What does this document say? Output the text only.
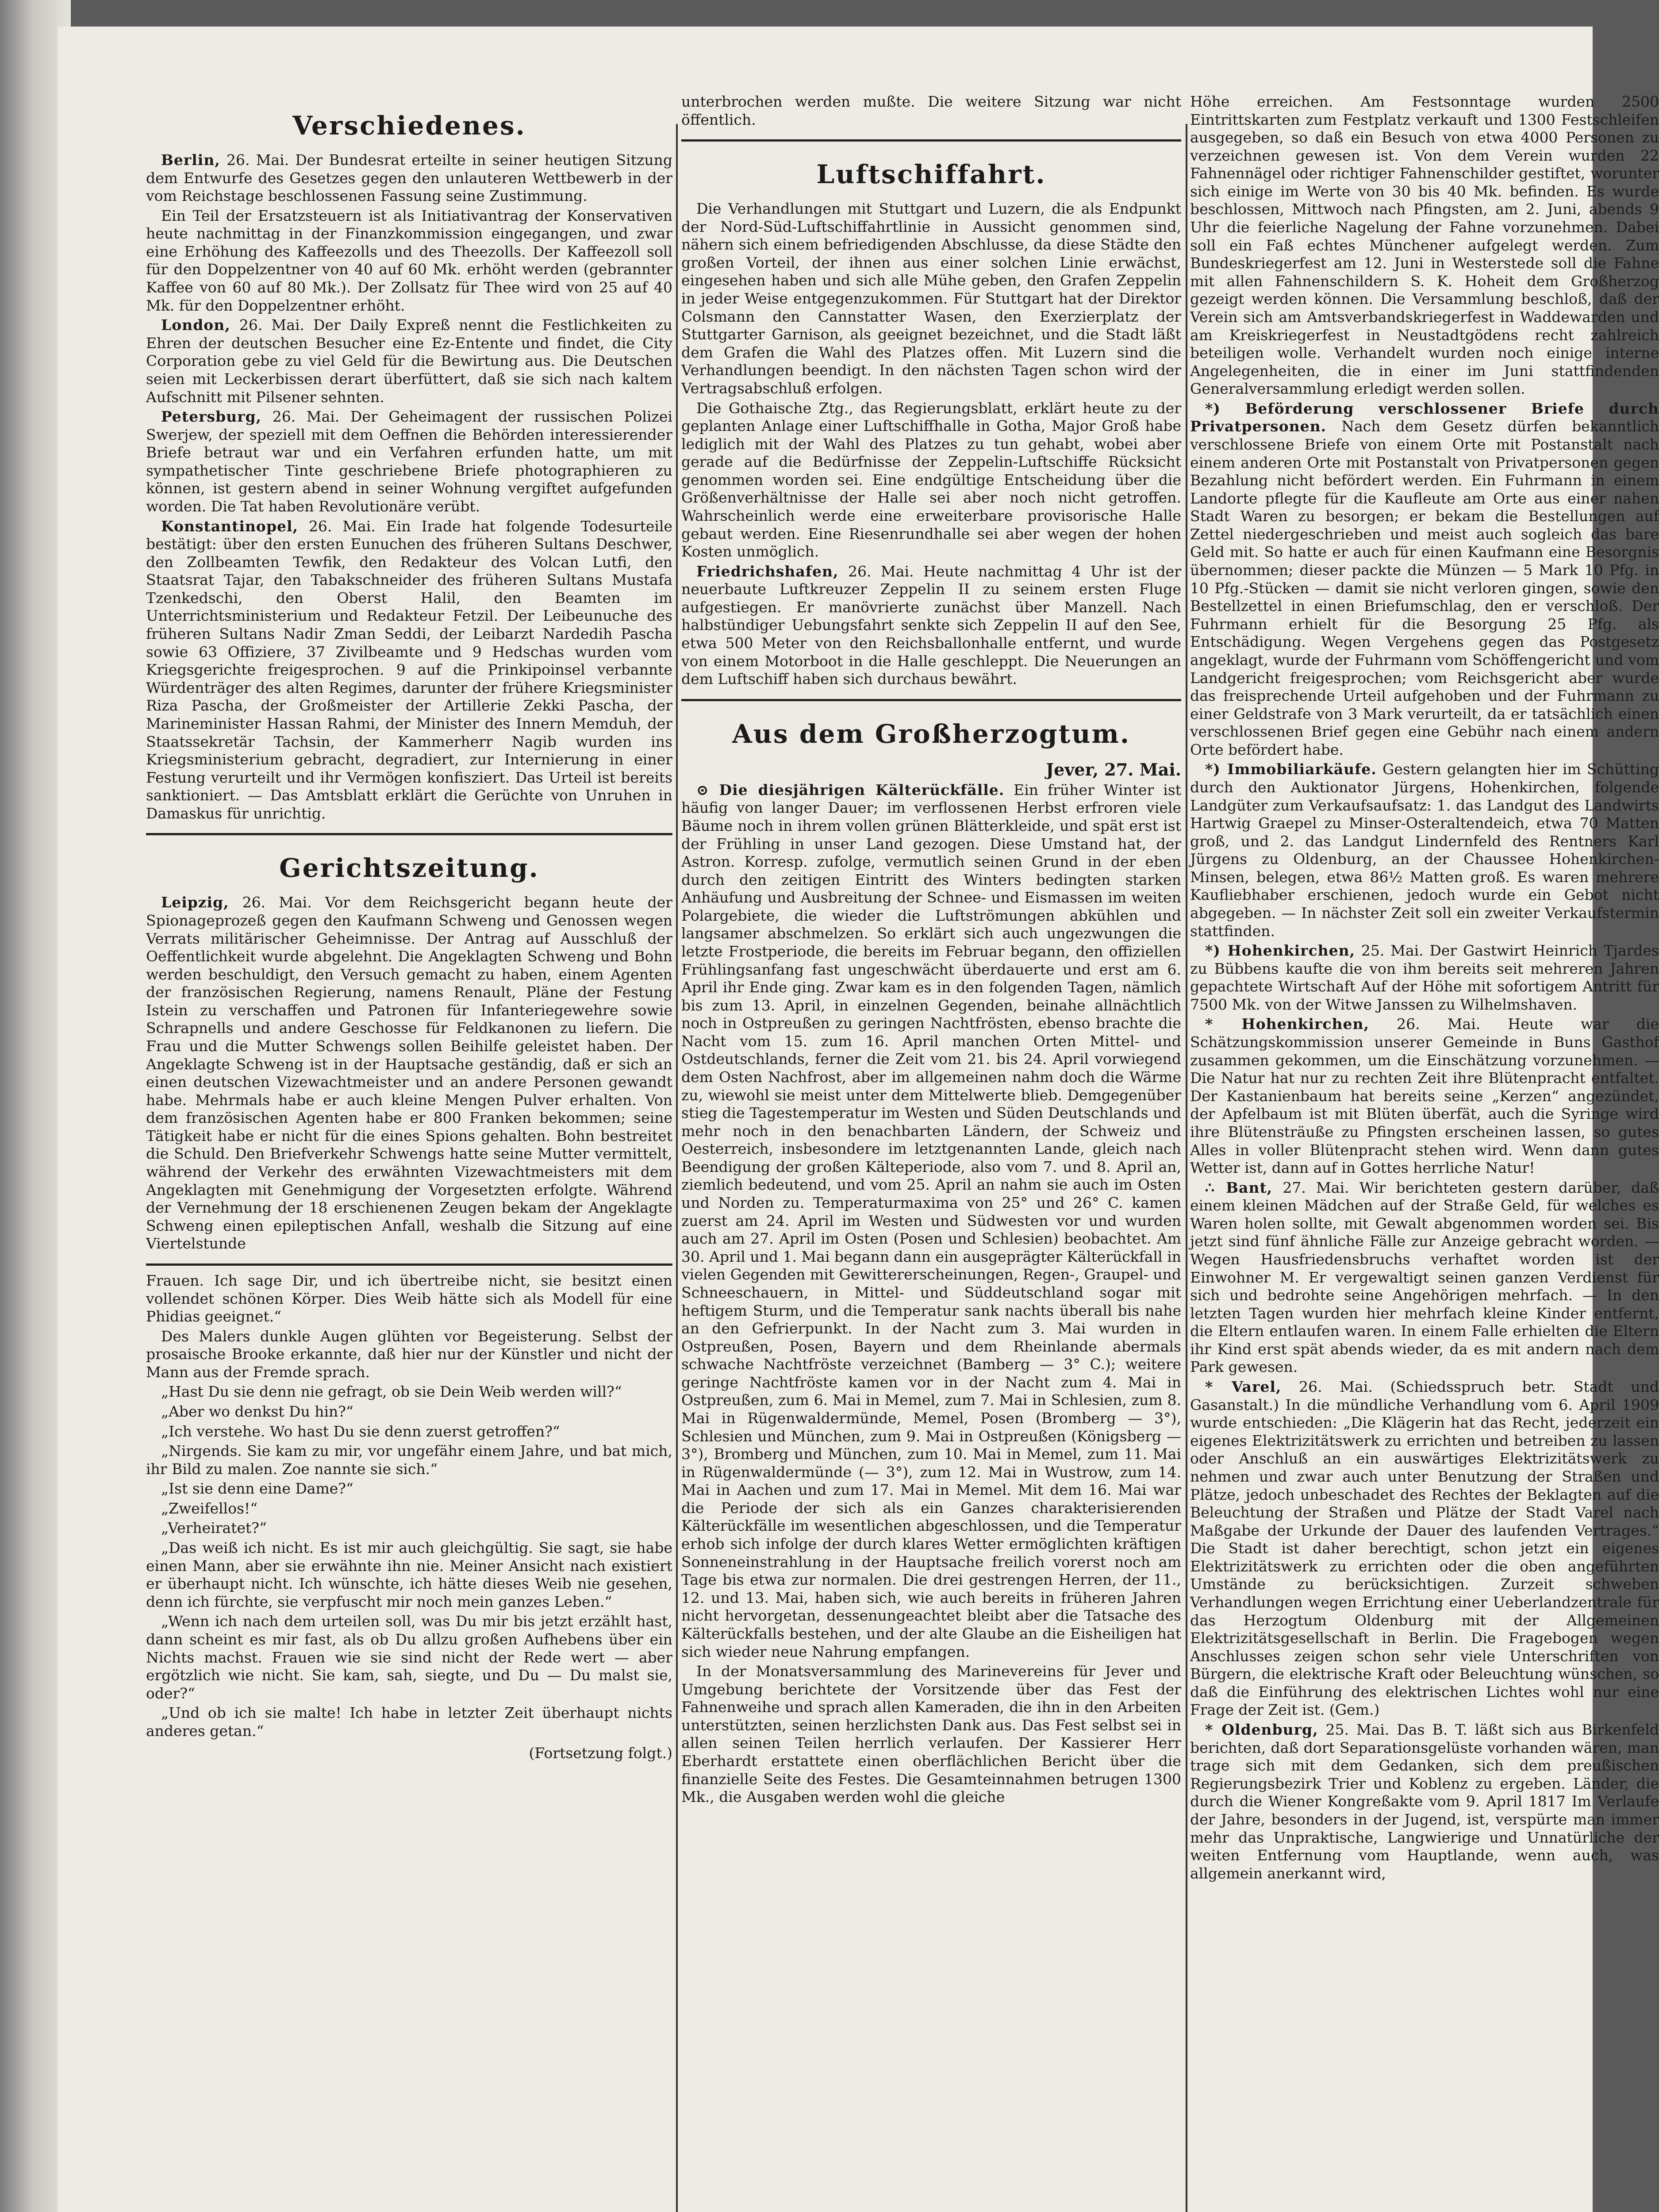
Verschiedenes.

Berlin, 26. Mai. Der Bundesrat erteilte in seiner heutigen Sitzung dem Entwurfe des Gesetzes gegen den unlauteren Wettbewerb in der vom Reichstage beschlossenen Fassung seine Zustimmung.

Ein Teil der Ersatzsteuern ist als Initiativantrag der Konservativen heute nachmittag in der Finanzkommission eingegangen, und zwar eine Erhöhung des Kaffeezolls und des Theezolls. Der Kaffeezoll soll für den Doppelzentner von 40 auf 60 Mk. erhöht werden (gebrannter Kaffee von 60 auf 80 Mk.). Der Zollsatz für Thee wird von 25 auf 40 Mk. für den Doppelzentner erhöht.

London, 26. Mai. Der Daily Expreß nennt die Festlichkeiten zu Ehren der deutschen Besucher eine Ez-Entente und findet, die City Corporation gebe zu viel Geld für die Bewirtung aus. Die Deutschen seien mit Leckerbissen derart überfüttert, daß sie sich nach kaltem Aufschnitt mit Pilsener sehnten.

Petersburg, 26. Mai. Der Geheimagent der russischen Polizei Swerjew, der speziell mit dem Oeffnen die Behörden interessierender Briefe betraut war und ein Verfahren erfunden hatte, um mit sympathetischer Tinte geschriebene Briefe photographieren zu können, ist gestern abend in seiner Wohnung vergiftet aufgefunden worden. Die Tat haben Revolutionäre verübt.

Konstantinopel, 26. Mai. Ein Irade hat folgende Todesurteile bestätigt: über den ersten Eunuchen des früheren Sultans Deschwer, den Zollbeamten Tewfik, den Redakteur des Volcan Lutfi, den Staatsrat Tajar, den Tabakschneider des früheren Sultans Mustafa Tzenkedschi, den Oberst Halil, den Beamten im Unterrichtsministerium und Redakteur Fetzil. Der Leibeunuche des früheren Sultans Nadir Zman Seddi, der Leibarzt Nardedih Pascha sowie 63 Offiziere, 37 Zivilbeamte und 9 Hedschas wurden vom Kriegsgerichte freigesprochen. 9 auf die Prinkipoinsel verbannte Würdenträger des alten Regimes, darunter der frühere Kriegsminister Riza Pascha, der Großmeister der Artillerie Zekki Pascha, der Marineminister Hassan Rahmi, der Minister des Innern Memduh, der Staatssekretär Tachsin, der Kammerherr Nagib wurden ins Kriegsministerium gebracht, degradiert, zur Internierung in einer Festung verurteilt und ihr Vermögen konfisziert. Das Urteil ist bereits sanktioniert. — Das Amtsblatt erklärt die Gerüchte von Unruhen in Damaskus für unrichtig.

Gerichtszeitung.

Leipzig, 26. Mai. Vor dem Reichsgericht begann heute der Spionageprozeß gegen den Kaufmann Schweng und Genossen wegen Verrats militärischer Geheimnisse. Der Antrag auf Ausschluß der Oeffentlichkeit wurde abgelehnt. Die Angeklagten Schweng und Bohn werden beschuldigt, den Versuch gemacht zu haben, einem Agenten der französischen Regierung, namens Renault, Pläne der Festung Istein zu verschaffen und Patronen für Infanteriegewehre sowie Schrapnells und andere Geschosse für Feldkanonen zu liefern. Die Frau und die Mutter Schwengs sollen Beihilfe geleistet haben. Der Angeklagte Schweng ist in der Hauptsache geständig, daß er sich an einen deutschen Vizewachtmeister und an andere Personen gewandt habe. Mehrmals habe er auch kleine Mengen Pulver erhalten. Von dem französischen Agenten habe er 800 Franken bekommen; seine Tätigkeit habe er nicht für die eines Spions gehalten. Bohn bestreitet die Schuld. Den Briefverkehr Schwengs hatte seine Mutter vermittelt, während der Verkehr des erwähnten Vizewachtmeisters mit dem Angeklagten mit Genehmigung der Vorgesetzten erfolgte. Während der Vernehmung der 18 erschienenen Zeugen bekam der Angeklagte Schweng einen epileptischen Anfall, weshalb die Sitzung auf eine Viertelstunde

Frauen. Ich sage Dir, und ich übertreibe nicht, sie besitzt einen vollendet schönen Körper. Dies Weib hätte sich als Modell für eine Phidias geeignet.“

Des Malers dunkle Augen glühten vor Begeisterung. Selbst der prosaische Brooke erkannte, daß hier nur der Künstler und nicht der Mann aus der Fremde sprach.

„Hast Du sie denn nie gefragt, ob sie Dein Weib werden will?“

„Aber wo denkst Du hin?“

„Ich verstehe. Wo hast Du sie denn zuerst getroffen?“

„Nirgends. Sie kam zu mir, vor ungefähr einem Jahre, und bat mich, ihr Bild zu malen. Zoe nannte sie sich.“

„Ist sie denn eine Dame?“

„Zweifellos!“

„Verheiratet?“

„Das weiß ich nicht. Es ist mir auch gleichgültig. Sie sagt, sie habe einen Mann, aber sie erwähnte ihn nie. Meiner Ansicht nach existiert er überhaupt nicht. Ich wünschte, ich hätte dieses Weib nie gesehen, denn ich fürchte, sie verpfuscht mir noch mein ganzes Leben.“

„Wenn ich nach dem urteilen soll, was Du mir bis jetzt erzählt hast, dann scheint es mir fast, als ob Du allzu großen Aufhebens über ein Nichts machst. Frauen wie sie sind nicht der Rede wert — aber ergötzlich wie nicht. Sie kam, sah, siegte, und Du — Du malst sie, oder?“

„Und ob ich sie malte! Ich habe in letzter Zeit überhaupt nichts anderes getan.“

(Fortsetzung folgt.)

unterbrochen werden mußte. Die weitere Sitzung war nicht öffentlich.

Luftschiffahrt.

Die Verhandlungen mit Stuttgart und Luzern, die als Endpunkt der Nord-Süd-Luftschiffahrtlinie in Aussicht genommen sind, nähern sich einem befriedigenden Abschlusse, da diese Städte den großen Vorteil, der ihnen aus einer solchen Linie erwächst, eingesehen haben und sich alle Mühe geben, den Grafen Zeppelin in jeder Weise entgegenzukommen. Für Stuttgart hat der Direktor Colsmann den Cannstatter Wasen, den Exerzierplatz der Stuttgarter Garnison, als geeignet bezeichnet, und die Stadt läßt dem Grafen die Wahl des Platzes offen. Mit Luzern sind die Verhandlungen beendigt. In den nächsten Tagen schon wird der Vertragsabschluß erfolgen.

Die Gothaische Ztg., das Regierungsblatt, erklärt heute zu der geplanten Anlage einer Luftschiffhalle in Gotha, Major Groß habe lediglich mit der Wahl des Platzes zu tun gehabt, wobei aber gerade auf die Bedürfnisse der Zeppelin-Luftschiffe Rücksicht genommen worden sei. Eine endgültige Entscheidung über die Größenverhältnisse der Halle sei aber noch nicht getroffen. Wahrscheinlich werde eine erweiterbare provisorische Halle gebaut werden. Eine Riesenrundhalle sei aber wegen der hohen Kosten unmöglich.

Friedrichshafen, 26. Mai. Heute nachmittag 4 Uhr ist der neuerbaute Luftkreuzer Zeppelin II zu seinem ersten Fluge aufgestiegen. Er manövrierte zunächst über Manzell. Nach halbstündiger Uebungsfahrt senkte sich Zeppelin II auf den See, etwa 500 Meter von den Reichsballonhalle entfernt, und wurde von einem Motorboot in die Halle geschleppt. Die Neuerungen an dem Luftschiff haben sich durchaus bewährt.

Aus dem Großherzogtum.
Jever, 27. Mai.

⊙ Die diesjährigen Kälterückfälle. Ein früher Winter ist häufig von langer Dauer; im verflossenen Herbst erfroren viele Bäume noch in ihrem vollen grünen Blätterkleide, und spät erst ist der Frühling in unser Land gezogen. Diese Umstand hat, der Astron. Korresp. zufolge, vermutlich seinen Grund in der eben durch den zeitigen Eintritt des Winters bedingten starken Anhäufung und Ausbreitung der Schnee- und Eismassen im weiten Polargebiete, die wieder die Luftströmungen abkühlen und langsamer abschmelzen. So erklärt sich auch ungezwungen die letzte Frostperiode, die bereits im Februar begann, den offiziellen Frühlingsanfang fast ungeschwächt überdauerte und erst am 6. April ihr Ende ging. Zwar kam es in den folgenden Tagen, nämlich bis zum 13. April, in einzelnen Gegenden, beinahe allnächtlich noch in Ostpreußen zu geringen Nachtfrösten, ebenso brachte die Nacht vom 15. zum 16. April manchen Orten Mittel- und Ostdeutschlands, ferner die Zeit vom 21. bis 24. April vorwiegend dem Osten Nachfrost, aber im allgemeinen nahm doch die Wärme zu, wiewohl sie meist unter dem Mittelwerte blieb. Demgegenüber stieg die Tagestemperatur im Westen und Süden Deutschlands und mehr noch in den benachbarten Ländern, der Schweiz und Oesterreich, insbesondere im letztgenannten Lande, gleich nach Beendigung der großen Kälteperiode, also vom 7. und 8. April an, ziemlich bedeutend, und vom 25. April an nahm sie auch im Osten und Norden zu. Temperaturmaxima von 25° und 26° C. kamen zuerst am 24. April im Westen und Südwesten vor und wurden auch am 27. April im Osten (Posen und Schlesien) beobachtet. Am 30. April und 1. Mai begann dann ein ausgeprägter Kälterückfall in vielen Gegenden mit Gewittererscheinungen, Regen-, Graupel- und Schneeschauern, in Mittel- und Süddeutschland sogar mit heftigem Sturm, und die Temperatur sank nachts überall bis nahe an den Gefrierpunkt. In der Nacht zum 3. Mai wurden in Ostpreußen, Posen, Bayern und dem Rheinlande abermals schwache Nachtfröste verzeichnet (Bamberg — 3° C.); weitere geringe Nachtfröste kamen vor in der Nacht zum 4. Mai in Ostpreußen, zum 6. Mai in Memel, zum 7. Mai in Schlesien, zum 8. Mai in Rügenwaldermünde, Memel, Posen (Bromberg — 3°), Schlesien und München, zum 9. Mai in Ostpreußen (Königsberg — 3°), Bromberg und München, zum 10. Mai in Memel, zum 11. Mai in Rügenwaldermünde (— 3°), zum 12. Mai in Wustrow, zum 14. Mai in Aachen und zum 17. Mai in Memel. Mit dem 16. Mai war die Periode der sich als ein Ganzes charakterisierenden Kälterückfälle im wesentlichen abgeschlossen, und die Temperatur erhob sich infolge der durch klares Wetter ermöglichten kräftigen Sonneneinstrahlung in der Hauptsache freilich vorerst noch am Tage bis etwa zur normalen. Die drei gestrengen Herren, der 11., 12. und 13. Mai, haben sich, wie auch bereits in früheren Jahren nicht hervorgetan, dessenungeachtet bleibt aber die Tatsache des Kälterückfalls bestehen, und der alte Glaube an die Eisheiligen hat sich wieder neue Nahrung empfangen.

In der Monatsversammlung des Marinevereins für Jever und Umgebung berichtete der Vorsitzende über das Fest der Fahnenweihe und sprach allen Kameraden, die ihn in den Arbeiten unterstützten, seinen herzlichsten Dank aus. Das Fest selbst sei in allen seinen Teilen herrlich verlaufen. Der Kassierer Herr Eberhardt erstattete einen oberflächlichen Bericht über die finanzielle Seite des Festes. Die Gesamteinnahmen betrugen 1300 Mk., die Ausgaben werden wohl die gleiche

Höhe erreichen. Am Festsonntage wurden 2500 Eintrittskarten zum Festplatz verkauft und 1300 Festschleifen ausgegeben, so daß ein Besuch von etwa 4000 Personen zu verzeichnen gewesen ist. Von dem Verein wurden 22 Fahnennägel oder richtiger Fahnenschilder gestiftet, worunter sich einige im Werte von 30 bis 40 Mk. befinden. Es wurde beschlossen, Mittwoch nach Pfingsten, am 2. Juni, abends 9 Uhr die feierliche Nagelung der Fahne vorzunehmen. Dabei soll ein Faß echtes Münchener aufgelegt werden. Zum Bundeskriegerfest am 12. Juni in Westerstede soll die Fahne mit allen Fahnenschildern S. K. Hoheit dem Großherzog gezeigt werden können. Die Versammlung beschloß, daß der Verein sich am Amtsverbandskriegerfest in Waddewarden und am Kreiskriegerfest in Neustadtgödens recht zahlreich beteiligen wolle. Verhandelt wurden noch einige interne Angelegenheiten, die in einer im Juni stattfindenden Generalversammlung erledigt werden sollen.

*) Beförderung verschlossener Briefe durch Privatpersonen. Nach dem Gesetz dürfen bekanntlich verschlossene Briefe von einem Orte mit Postanstalt nach einem anderen Orte mit Postanstalt von Privatpersonen gegen Bezahlung nicht befördert werden. Ein Fuhrmann in einem Landorte pflegte für die Kaufleute am Orte aus einer nahen Stadt Waren zu besorgen; er bekam die Bestellungen auf Zettel niedergeschrieben und meist auch sogleich das bare Geld mit. So hatte er auch für einen Kaufmann eine Besorgnis übernommen; dieser packte die Münzen — 5 Mark 10 Pfg. in 10 Pfg.-Stücken — damit sie nicht verloren gingen, sowie den Bestellzettel in einen Briefumschlag, den er verschloß. Der Fuhrmann erhielt für die Besorgung 25 Pfg. als Entschädigung. Wegen Vergehens gegen das Postgesetz angeklagt, wurde der Fuhrmann vom Schöffengericht und vom Landgericht freigesprochen; vom Reichsgericht aber wurde das freisprechende Urteil aufgehoben und der Fuhrmann zu einer Geldstrafe von 3 Mark verurteilt, da er tatsächlich einen verschlossenen Brief gegen eine Gebühr nach einem andern Orte befördert habe.

*) Immobiliarkäufe. Gestern gelangten hier im Schütting durch den Auktionator Jürgens, Hohenkirchen, folgende Landgüter zum Verkaufsaufsatz: 1. das Landgut des Landwirts Hartwig Graepel zu Minser-Osteraltendeich, etwa 70 Matten groß, und 2. das Landgut Lindernfeld des Rentners Karl Jürgens zu Oldenburg, an der Chaussee Hohenkirchen-Minsen, belegen, etwa 86½ Matten groß. Es waren mehrere Kaufliebhaber erschienen, jedoch wurde ein Gebot nicht abgegeben. — In nächster Zeit soll ein zweiter Verkaufstermin stattfinden.

*) Hohenkirchen, 25. Mai. Der Gastwirt Heinrich Tjardes zu Bübbens kaufte die von ihm bereits seit mehreren Jahren gepachtete Wirtschaft Auf der Höhe mit sofortigem Antritt für 7500 Mk. von der Witwe Janssen zu Wilhelmshaven.

* Hohenkirchen, 26. Mai. Heute war die Schätzungskommission unserer Gemeinde in Buns Gasthof zusammen gekommen, um die Einschätzung vorzunehmen. — Die Natur hat nur zu rechten Zeit ihre Blütenpracht entfaltet. Der Kastanienbaum hat bereits seine „Kerzen“ angezündet, der Apfelbaum ist mit Blüten überfät, auch die Syringe wird ihre Blütensträuße zu Pfingsten erscheinen lassen, so gutes Alles in voller Blütenpracht stehen wird. Wenn dann gutes Wetter ist, dann auf in Gottes herrliche Natur!

∴ Bant, 27. Mai. Wir berichteten gestern darüber, daß einem kleinen Mädchen auf der Straße Geld, für welches es Waren holen sollte, mit Gewalt abgenommen worden sei. Bis jetzt sind fünf ähnliche Fälle zur Anzeige gebracht worden. — Wegen Hausfriedensbruchs verhaftet worden ist der Einwohner M. Er vergewaltigt seinen ganzen Verdienst für sich und bedrohte seine Angehörigen mehrfach. — In den letzten Tagen wurden hier mehrfach kleine Kinder entfernt, die Eltern entlaufen waren. In einem Falle erhielten die Eltern ihr Kind erst spät abends wieder, da es mit andern nach dem Park gewesen.

* Varel, 26. Mai. (Schiedsspruch betr. Stadt und Gasanstalt.) In die mündliche Verhandlung vom 6. April 1909 wurde entschieden: „Die Klägerin hat das Recht, jederzeit ein eigenes Elektrizitätswerk zu errichten und betreiben zu lassen oder Anschluß an ein auswärtiges Elektrizitätswerk zu nehmen und zwar auch unter Benutzung der Straßen und Plätze, jedoch unbeschadet des Rechtes der Beklagten auf die Beleuchtung der Straßen und Plätze der Stadt Varel nach Maßgabe der Urkunde der Dauer des laufenden Vertrages.“ Die Stadt ist daher berechtigt, schon jetzt ein eigenes Elektrizitätswerk zu errichten oder die oben angeführten Umstände zu berücksichtigen. Zurzeit schweben Verhandlungen wegen Errichtung einer Ueberlandzentrale für das Herzogtum Oldenburg mit der Allgemeinen Elektrizitätsgesellschaft in Berlin. Die Fragebogen wegen Anschlusses zeigen schon sehr viele Unterschriften von Bürgern, die elektrische Kraft oder Beleuchtung wünschen, so daß die Einführung des elektrischen Lichtes wohl nur eine Frage der Zeit ist. (Gem.)

* Oldenburg, 25. Mai. Das B. T. läßt sich aus Birkenfeld berichten, daß dort Separationsgelüste vorhanden wären, man trage sich mit dem Gedanken, sich dem preußischen Regierungsbezirk Trier und Koblenz zu ergeben. Länder, die durch die Wiener Kongreßakte vom 9. April 1817 Im Verlaufe der Jahre, besonders in der Jugend, ist, verspürte man immer mehr das Unpraktische, Langwierige und Unnatürliche der weiten Entfernung vom Hauptlande, wenn auch, was allgemein anerkannt wird,
